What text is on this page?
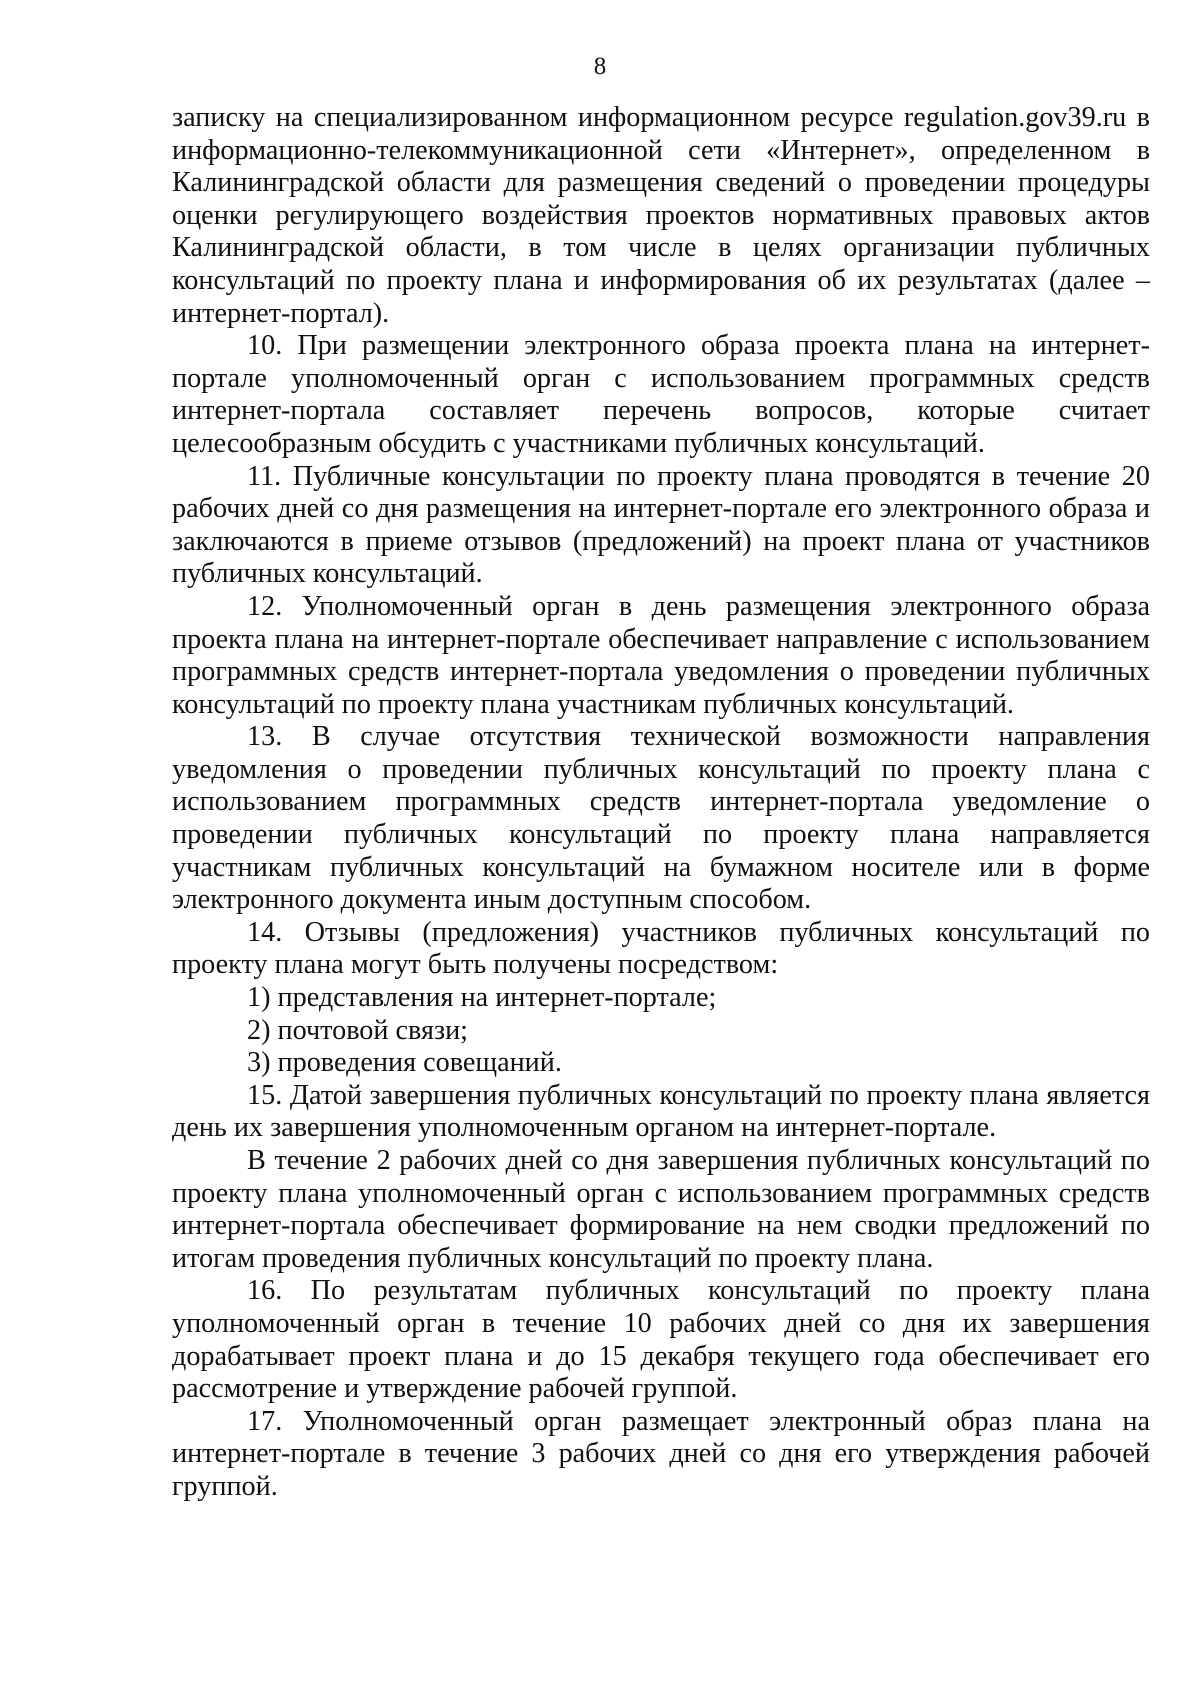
8

записку на специализированном информационном ресурсе regulation.gov39.ru в информационно-телекоммуникационной сети «Интернет», определенном в Калининградской области для размещения сведений о проведении процедуры оценки регулирующего воздействия проектов нормативных правовых актов Калининградской области, в том числе в целях организации публичных консультаций по проекту плана и информирования об их результатах (далее – интернет-портал).

10. При размещении электронного образа проекта плана на интернет-портале уполномоченный орган с использованием программных средств интернет-портала составляет перечень вопросов, которые считает целесообразным обсудить с участниками публичных консультаций.

11. Публичные консультации по проекту плана проводятся в течение 20 рабочих дней со дня размещения на интернет-портале его электронного образа и заключаются в приеме отзывов (предложений) на проект плана от участников публичных консультаций.

12. Уполномоченный орган в день размещения электронного образа проекта плана на интернет-портале обеспечивает направление с использованием программных средств интернет-портала уведомления о проведении публичных консультаций по проекту плана участникам публичных консультаций.

13. В случае отсутствия технической возможности направления уведомления о проведении публичных консультаций по проекту плана с использованием программных средств интернет-портала уведомление о проведении публичных консультаций по проекту плана направляется участникам публичных консультаций на бумажном носителе или в форме электронного документа иным доступным способом.

14. Отзывы (предложения) участников публичных консультаций по проекту плана могут быть получены посредством:

1) представления на интернет-портале;

2) почтовой связи;

3) проведения совещаний.

15. Датой завершения публичных консультаций по проекту плана является день их завершения уполномоченным органом на интернет-портале.

В течение 2 рабочих дней со дня завершения публичных консультаций по проекту плана уполномоченный орган с использованием программных средств интернет-портала обеспечивает формирование на нем сводки предложений по итогам проведения публичных консультаций по проекту плана.

16. По результатам публичных консультаций по проекту плана уполномоченный орган в течение 10 рабочих дней со дня их завершения дорабатывает проект плана и до 15 декабря текущего года обеспечивает его рассмотрение и утверждение рабочей группой.

17. Уполномоченный орган размещает электронный образ плана на интернет-портале в течение 3 рабочих дней со дня его утверждения рабочей группой.
